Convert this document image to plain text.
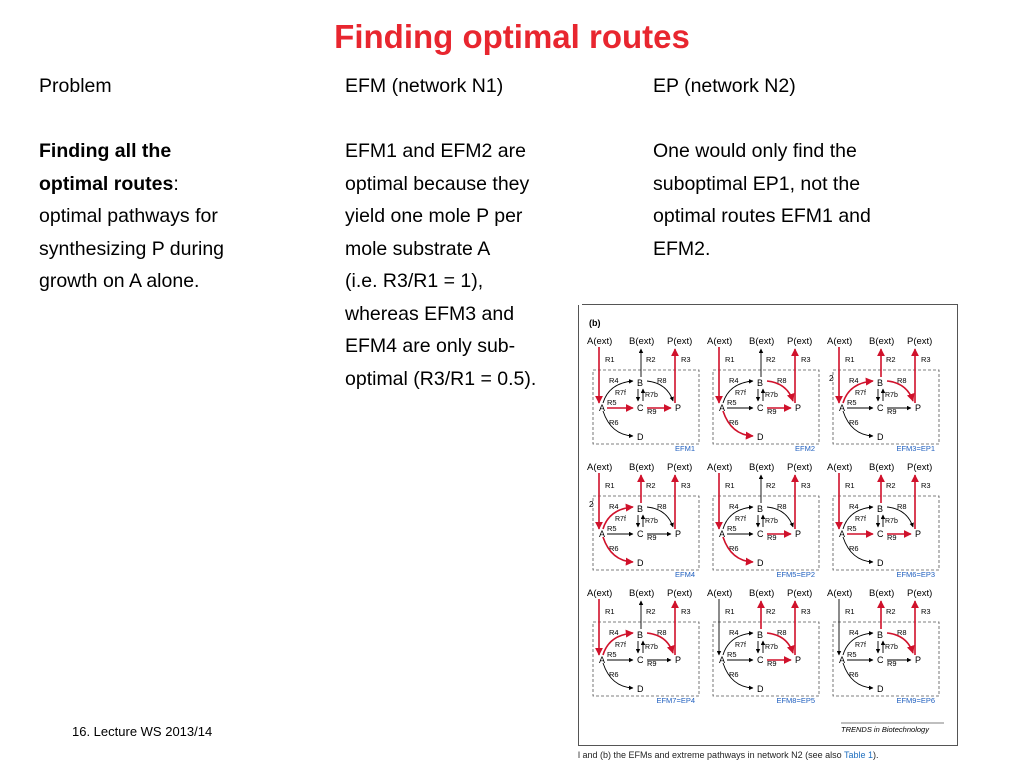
Finding optimal routes
Problem
Finding all the
optimal routes:
optimal pathways for
synthesizing P during
growth on A alone.
EFM (network N1)
EFM1 and EFM2 are
optimal because they
yield one mole P per
mole substrate A
(i.e. R3/R1 = 1),
whereas EFM3 and
EFM4 are only sub-
optimal (R3/R1 = 0.5).
EP (network N2)
One would only find the
suboptimal EP1, not the
optimal routes EFM1 and
EFM2.
16. Lecture WS 2013/14
(b)
A(ext) B(ext) P(ext)
R1	R2	R3
A
B
C	P
D
R4
R5
R6
R7f	R7b
R8
R9
EFM1
A(ext) B(ext) P(ext)
R1	R2	R3
A
B
C	P
D
R4
R5
R6
R7f	R7b
R8
R9
EFM2
A(ext) B(ext) P(ext)
R1	R2	R3
A
B
C	P
D
R4
R5
R6
R7f	R7b
R8
R9
2
EFM3=EP1
A(ext) B(ext) P(ext)
R1	R2	R3
A
B
C	P
D
R4
R5
R6
R7f	R7b
R8
R9
2
EFM4
A(ext) B(ext) P(ext)
R1	R2	R3
A
B
C	P
D
R4
R5
R6
R7f	R7b
R8
R9
EFM5=EP2
A(ext) B(ext) P(ext)
R1	R2	R3
A
B
C	P
D
R4
R5
R6
R7f	R7b
R8
R9
EFM6=EP3
A(ext) B(ext) P(ext)
R1	R2	R3
A
B
C	P
D
R4
R5
R6
R7f	R7b
R8
R9
EFM7=EP4
A(ext) B(ext) P(ext)
R1	R2	R3
A
B
C	P
D
R4
R5
R6
R7f	R7b
R8
R9
EFM8=EP5
A(ext) B(ext) P(ext)
R1	R2	R3
A
B
C	P
D
R4
R5
R6
R7f	R7b
R8
R9
EFM9=EP6
TRENDS in Biotechnology
l and (b) the EFMs and extreme pathways in network N2 (see also Table 1).
